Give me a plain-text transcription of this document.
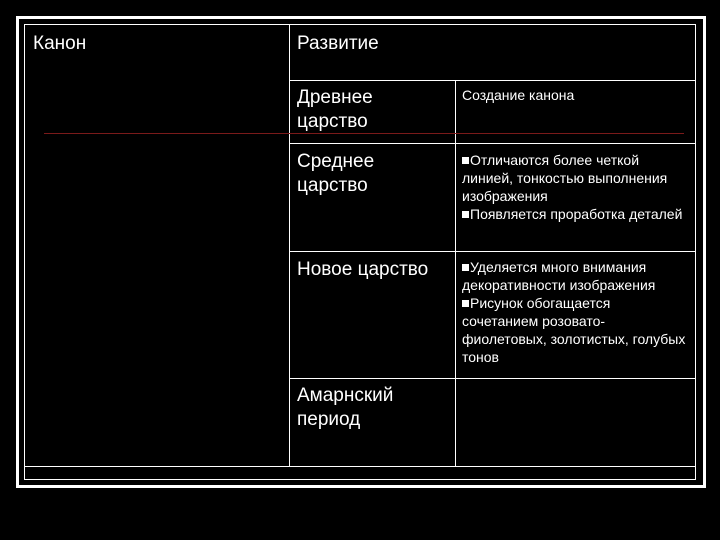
Канон	Развитие
Древнее царство
Создание канона
Среднее царство
Отличаются более четкой линией, тонкостью выполнения изображения
Появляется проработка деталей
Новое царство	Уделяется много внимания декоративности изображения
Рисунок обогащается сочетанием розовато-фиолетовых, золотистых, голубых тонов
Амарнский период
